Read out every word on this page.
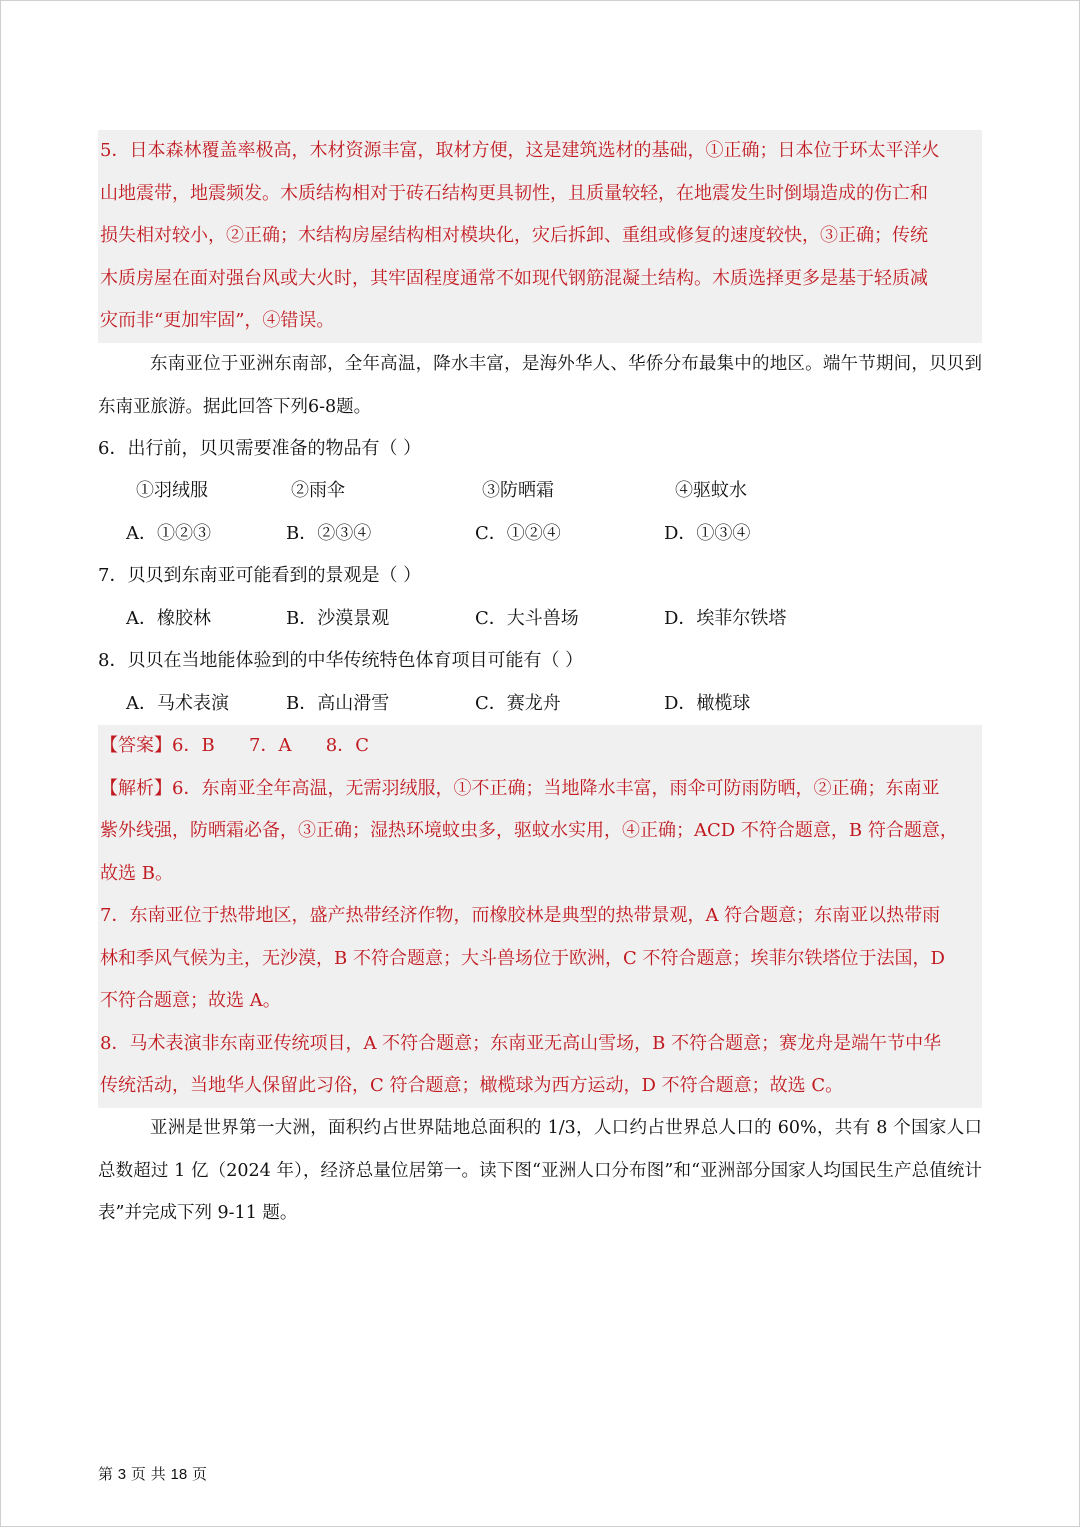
5．日本森林覆盖率极高，木材资源丰富，取材方便，这是建筑选材的基础，①正确；日本位于环太平洋火

山地震带，地震频发。木质结构相对于砖石结构更具韧性，且质量较轻，在地震发生时倒塌造成的伤亡和

损失相对较小，②正确；木结构房屋结构相对模块化，灾后拆卸、重组或修复的速度较快，③正确；传统

木质房屋在面对强台风或大火时，其牢固程度通常不如现代钢筋混凝土结构。木质选择更多是基于轻质减

灾而非“更加牢固”，④错误。

东南亚位于亚洲东南部，全年高温，降水丰富，是海外华人、华侨分布最集中的地区。端午节期间，贝贝到东南亚旅游。据此回答下列6-8题。

6．出行前，贝贝需要准备的物品有（ ）

①羽绒服	②雨伞	③防晒霜	④驱蚊水
A．①②③	B．②③④	C．①②④	D．①③④

7．贝贝到东南亚可能看到的景观是（ ）

A．橡胶林	B．沙漠景观	C．大斗兽场	D．埃菲尔铁塔

8．贝贝在当地能体验到的中华传统特色体育项目可能有（ ）

A．马术表演	B．高山滑雪	C．赛龙舟	D．橄榄球

【答案】6．B      7．A      8．C

【解析】6．东南亚全年高温，无需羽绒服，①不正确；当地降水丰富，雨伞可防雨防晒，②正确；东南亚

紫外线强，防晒霜必备，③正确；湿热环境蚊虫多，驱蚊水实用，④正确；ACD 不符合题意，B 符合题意，

故选 B。

7．东南亚位于热带地区，盛产热带经济作物，而橡胶林是典型的热带景观，A 符合题意；东南亚以热带雨

林和季风气候为主，无沙漠，B 不符合题意；大斗兽场位于欧洲，C 不符合题意；埃菲尔铁塔位于法国，D

不符合题意；故选 A。

8．马术表演非东南亚传统项目，A 不符合题意；东南亚无高山雪场，B 不符合题意；赛龙舟是端午节中华

传统活动，当地华人保留此习俗，C 符合题意；橄榄球为西方运动，D 不符合题意；故选 C。

亚洲是世界第一大洲，面积约占世界陆地总面积的 1/3，人口约占世界总人口的 60%，共有 8 个国家人口总数超过 1 亿（2024 年），经济总量位居第一。读下图“亚洲人口分布图”和“亚洲部分国家人均国民生产总值统计表”并完成下列 9-11 题。

第 3 页 共 18 页
